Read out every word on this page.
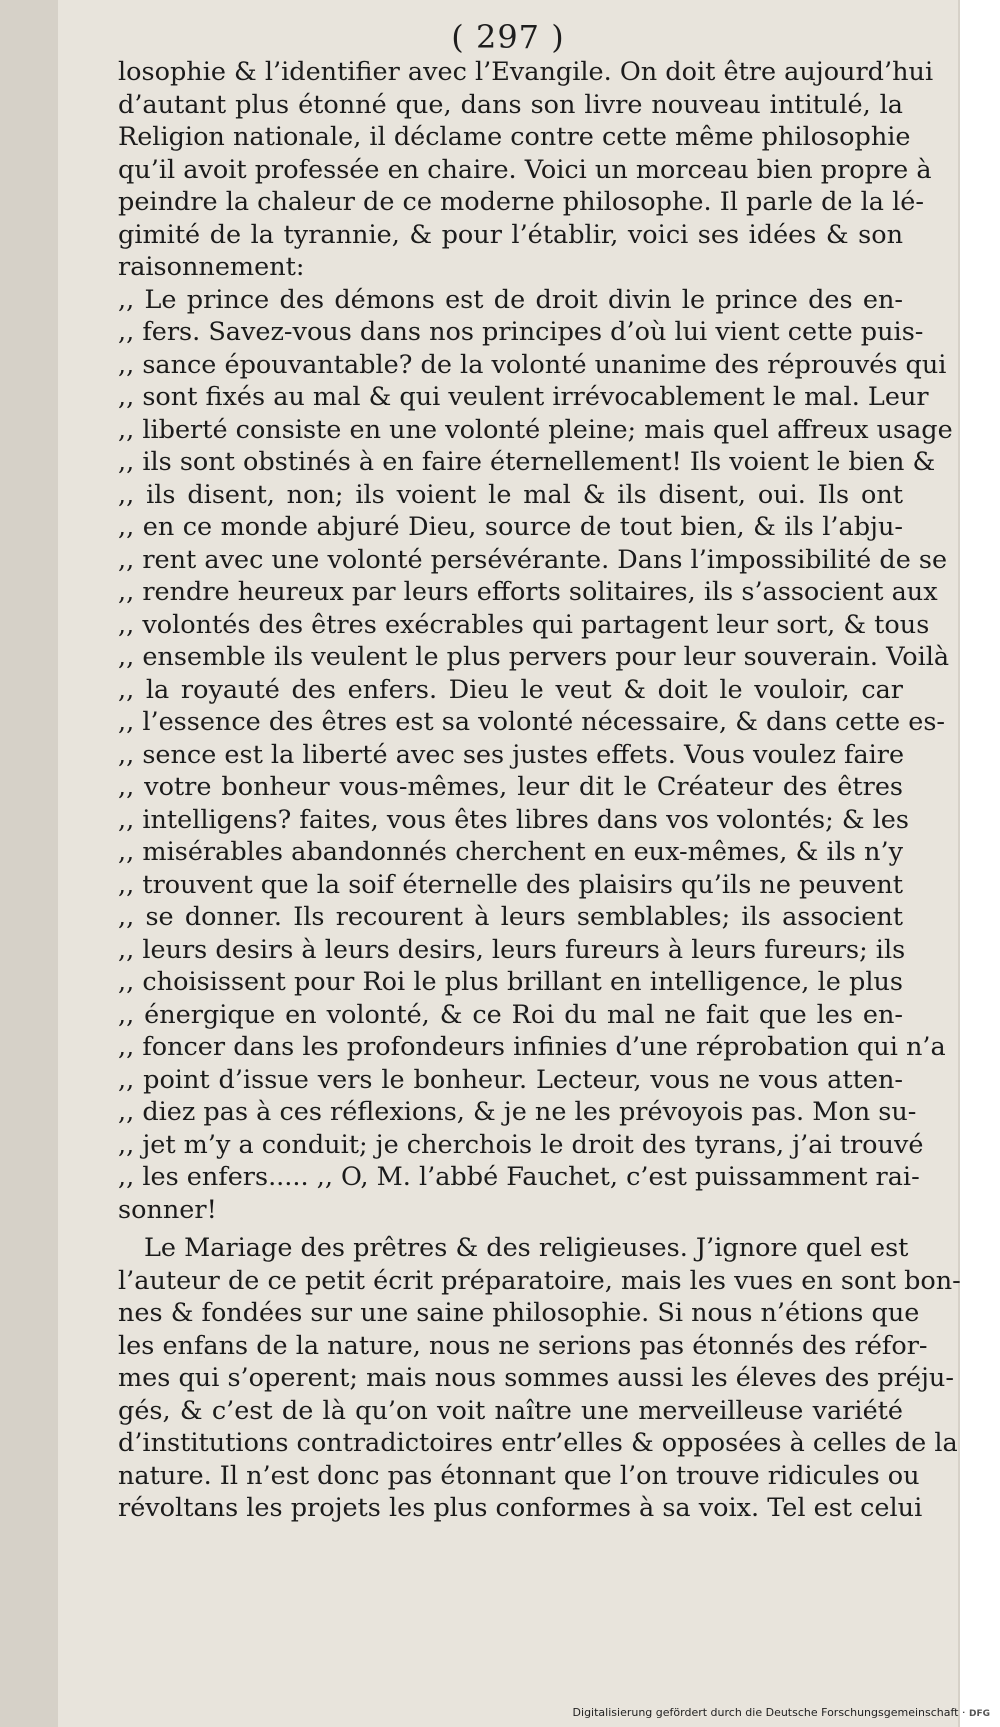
( 297 )
losophie & l’identifier avec l’Evangile. On doit être aujourd’hui
d’autant plus étonné que, dans son livre nouveau intitulé, la
Religion nationale, il déclame contre cette même philosophie
qu’il avoit professée en chaire. Voici un morceau bien propre à
peindre la chaleur de ce moderne philosophe. Il parle de la lé-
gimité de la tyrannie, & pour l’établir, voici ses idées & son
raisonnement:
,, Le prince des démons est de droit divin le prince des en-
,, fers. Savez-vous dans nos principes d’où lui vient cette puis-
,, sance épouvantable? de la volonté unanime des réprouvés qui
,, sont fixés au mal & qui veulent irrévocablement le mal. Leur
,, liberté consiste en une volonté pleine; mais quel affreux usage
,, ils sont obstinés à en faire éternellement! Ils voient le bien &
,, ils disent, non; ils voient le mal & ils disent, oui. Ils ont
,, en ce monde abjuré Dieu, source de tout bien, & ils l’abju-
,, rent avec une volonté persévérante. Dans l’impossibilité de se
,, rendre heureux par leurs efforts solitaires, ils s’associent aux
,, volontés des êtres exécrables qui partagent leur sort, & tous
,, ensemble ils veulent le plus pervers pour leur souverain. Voilà
,, la royauté des enfers. Dieu le veut & doit le vouloir, car
,, l’essence des êtres est sa volonté nécessaire, & dans cette es-
,, sence est la liberté avec ses justes effets. Vous voulez faire
,, votre bonheur vous-mêmes, leur dit le Créateur des êtres
,, intelligens? faites, vous êtes libres dans vos volontés; & les
,, misérables abandonnés cherchent en eux-mêmes, & ils n’y
,, trouvent que la soif éternelle des plaisirs qu’ils ne peuvent
,, se donner. Ils recourent à leurs semblables; ils associent
,, leurs desirs à leurs desirs, leurs fureurs à leurs fureurs; ils
,, choisissent pour Roi le plus brillant en intelligence, le plus
,, énergique en volonté, & ce Roi du mal ne fait que les en-
,, foncer dans les profondeurs infinies d’une réprobation qui n’a
,, point d’issue vers le bonheur. Lecteur, vous ne vous atten-
,, diez pas à ces réflexions, & je ne les prévoyois pas. Mon su-
,, jet m’y a conduit; je cherchois le droit des tyrans, j’ai trouvé
,, les enfers..... ,, O, M. l’abbé Fauchet, c’est puissamment rai-
sonner!
Le Mariage des prêtres & des religieuses. J’ignore quel est
l’auteur de ce petit écrit préparatoire, mais les vues en sont bon-
nes & fondées sur une saine philosophie. Si nous n’étions que
les enfans de la nature, nous ne serions pas étonnés des réfor-
mes qui s’operent; mais nous sommes aussi les éleves des préju-
gés, & c’est de là qu’on voit naître une merveilleuse variété
d’institutions contradictoires entr’elles & opposées à celles de la
nature. Il n’est donc pas étonnant que l’on trouve ridicules ou
révoltans les projets les plus conformes à sa voix. Tel est celui
Digitalisierung gefördert durch die Deutsche Forschungsgemeinschaft · DFG
